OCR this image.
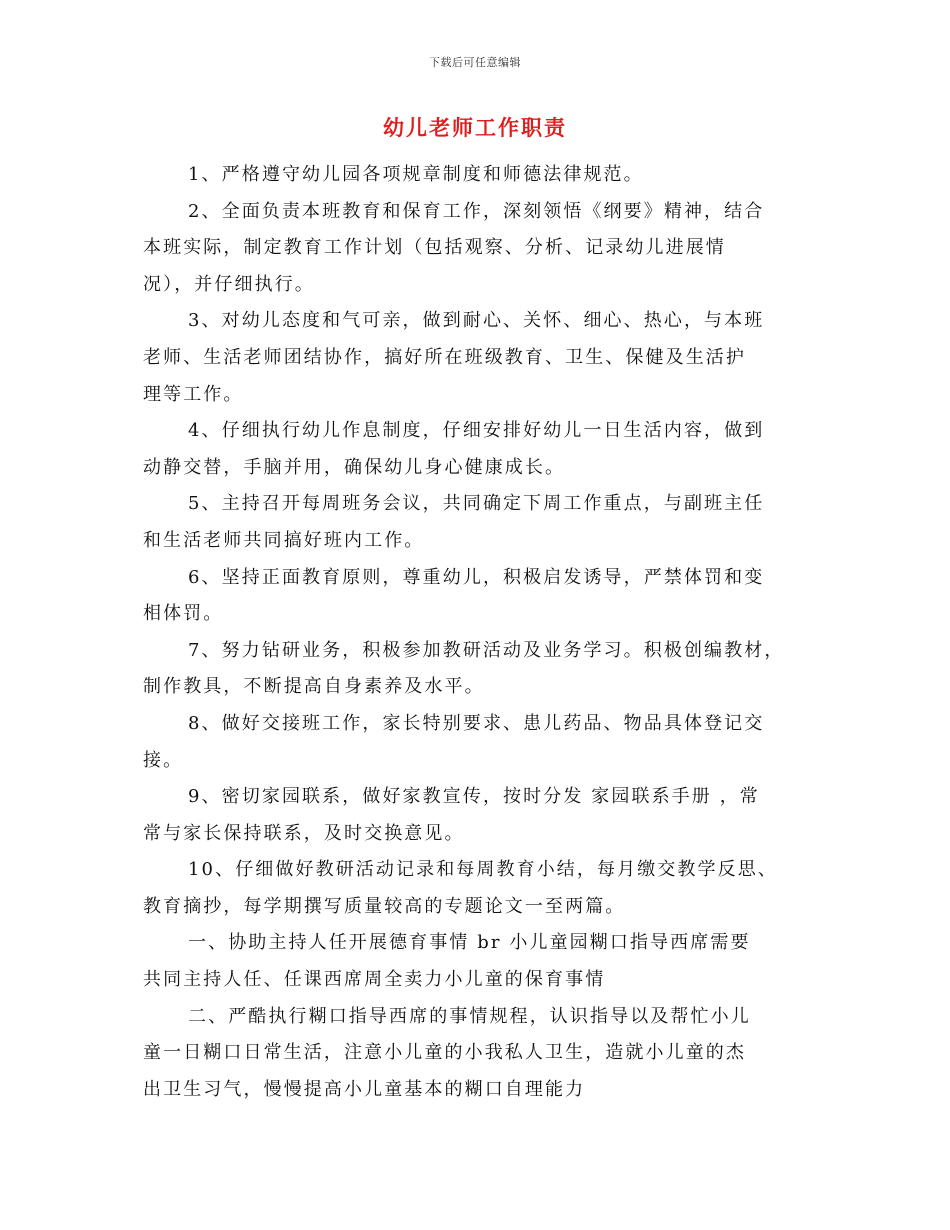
下载后可任意编辑
幼儿老师工作职责

1、严格遵守幼儿园各项规章制度和师德法律规范。

2、全面负责本班教育和保育工作，深刻领悟《纲要》精神，结合
本班实际，制定教育工作计划（包括观察、分析、记录幼儿进展情
况），并仔细执行。

3、对幼儿态度和气可亲，做到耐心、关怀、细心、热心，与本班
老师、生活老师团结协作，搞好所在班级教育、卫生、保健及生活护
理等工作。

4、仔细执行幼儿作息制度，仔细安排好幼儿一日生活内容，做到
动静交替，手脑并用，确保幼儿身心健康成长。

5、主持召开每周班务会议，共同确定下周工作重点，与副班主任
和生活老师共同搞好班内工作。

6、坚持正面教育原则，尊重幼儿，积极启发诱导，严禁体罚和变
相体罚。

7、努力钻研业务，积极参加教研活动及业务学习。积极创编教材，
制作教具，不断提高自身素养及水平。

8、做好交接班工作，家长特别要求、患儿药品、物品具体登记交
接。

9、密切家园联系，做好家教宣传，按时分发 家园联系手册 ，常
常与家长保持联系，及时交换意见。

10、仔细做好教研活动记录和每周教育小结，每月缴交教学反思、
教育摘抄，每学期撰写质量较高的专题论文一至两篇。

一、协助主持人任开展德育事情 br 小儿童园糊口指导西席需要
共同主持人任、任课西席周全卖力小儿童的保育事情

二、严酷执行糊口指导西席的事情规程，认识指导以及帮忙小儿
童一日糊口日常生活，注意小儿童的小我私人卫生，造就小儿童的杰
出卫生习气，慢慢提高小儿童基本的糊口自理能力
